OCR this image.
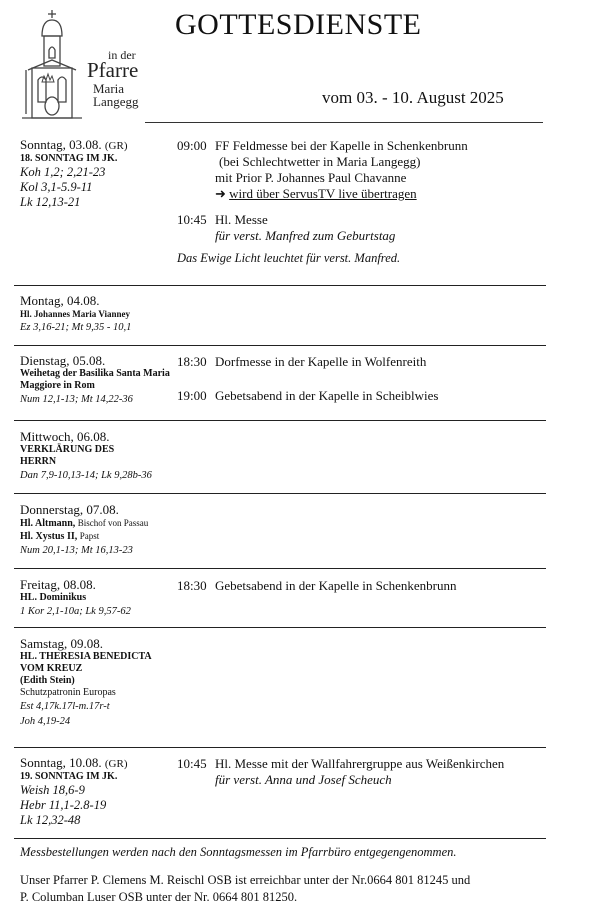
in der
Pfarre
Maria
Langegg
GOTTESDIENSTE
vom 03. - 10. August 2025
Sonntag, 03.08. (GR)
18. SONNTAG IM JK.
Koh 1,2; 2,21-23
Kol 3,1-5.9-11
Lk 12,13-21
09:00 FF Feldmesse bei der Kapelle in Schenkenbrunn
(bei Schlechtwetter in Maria Langegg)
mit Prior P. Johannes Paul Chavanne
➜ wird über ServusTV live übertragen
10:45 Hl. Messe
für verst. Manfred zum Geburtstag
Das Ewige Licht leuchtet für verst. Manfred.
Montag, 04.08.
Hl. Johannes Maria Vianney
Ez 3,16-21; Mt 9,35 - 10,1
Dienstag, 05.08.
Weihetag der Basilika Santa Maria Maggiore in Rom
Num 12,1-13; Mt 14,22-36
18:30 Dorfmesse in der Kapelle in Wolfenreith
19:00 Gebetsabend in der Kapelle in Scheiblwies
Mittwoch, 06.08.
VERKLÄRUNG DES HERRN
Dan 7,9-10,13-14; Lk 9,28b-36
Donnerstag, 07.08.
Hl. Altmann, Bischof von Passau
Hl. Xystus II, Papst
Num 20,1-13; Mt 16,13-23
Freitag, 08.08.
HL. Dominikus
1 Kor 2,1-10a; Lk 9,57-62
18:30 Gebetsabend in der Kapelle in Schenkenbrunn
Samstag, 09.08.
HL. THERESIA BENEDICTA VOM KREUZ
(Edith Stein)
Schutzpatronin Europas
Est 4,17k.17l-m.17r-t
Joh 4,19-24
Sonntag, 10.08. (GR)
19. SONNTAG IM JK.
Weish 18,6-9
Hebr 11,1-2.8-19
Lk 12,32-48
10:45 Hl. Messe mit der Wallfahrergruppe aus Weißenkirchen
für verst. Anna und Josef Scheuch
Messbestellungen werden nach den Sonntagsmessen im Pfarrbüro entgegengenommen.
Unser Pfarrer P. Clemens M. Reischl OSB ist erreichbar unter der Nr.0664 801 81245 und
P. Columban Luser OSB unter der Nr. 0664 801 81250.
